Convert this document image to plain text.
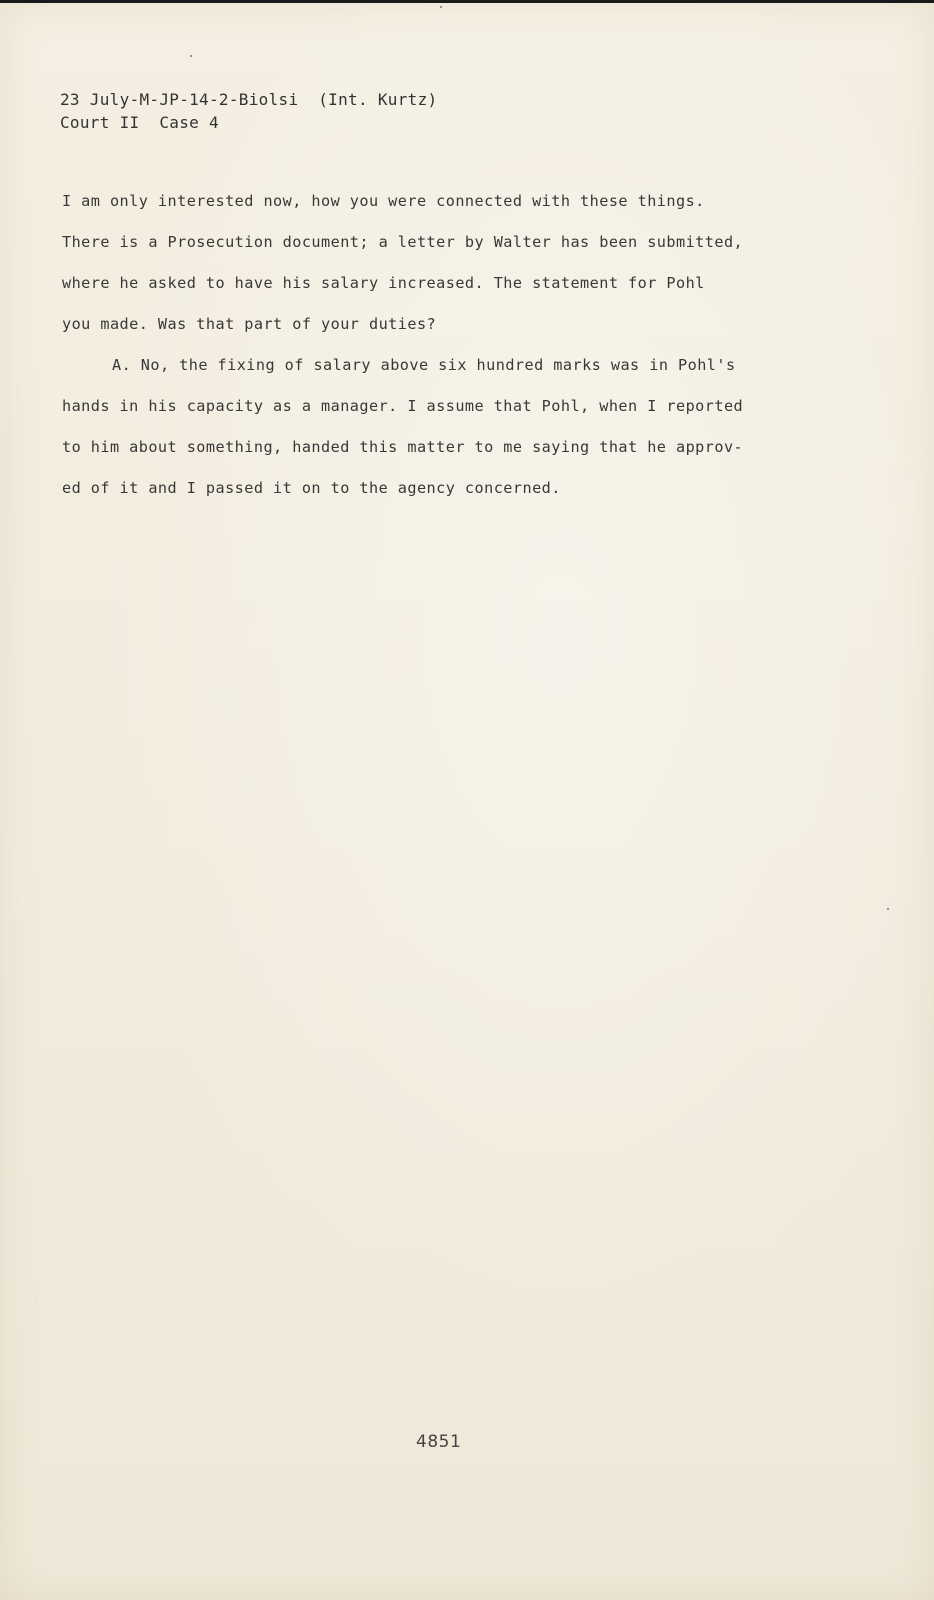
23 July-M-JP-14-2-Biolsi  (Int. Kurtz)
Court II  Case 4
I am only interested now, how you were connected with these things.
There is a Prosecution document; a letter by Walter has been submitted,
where he asked to have his salary increased. The statement for Pohl
you made. Was that part of your duties?
A. No, the fixing of salary above six hundred marks was in Pohl's
hands in his capacity as a manager. I assume that Pohl, when I reported
to him about something, handed this matter to me saying that he approv-
ed of it and I passed it on to the agency concerned.
4851
